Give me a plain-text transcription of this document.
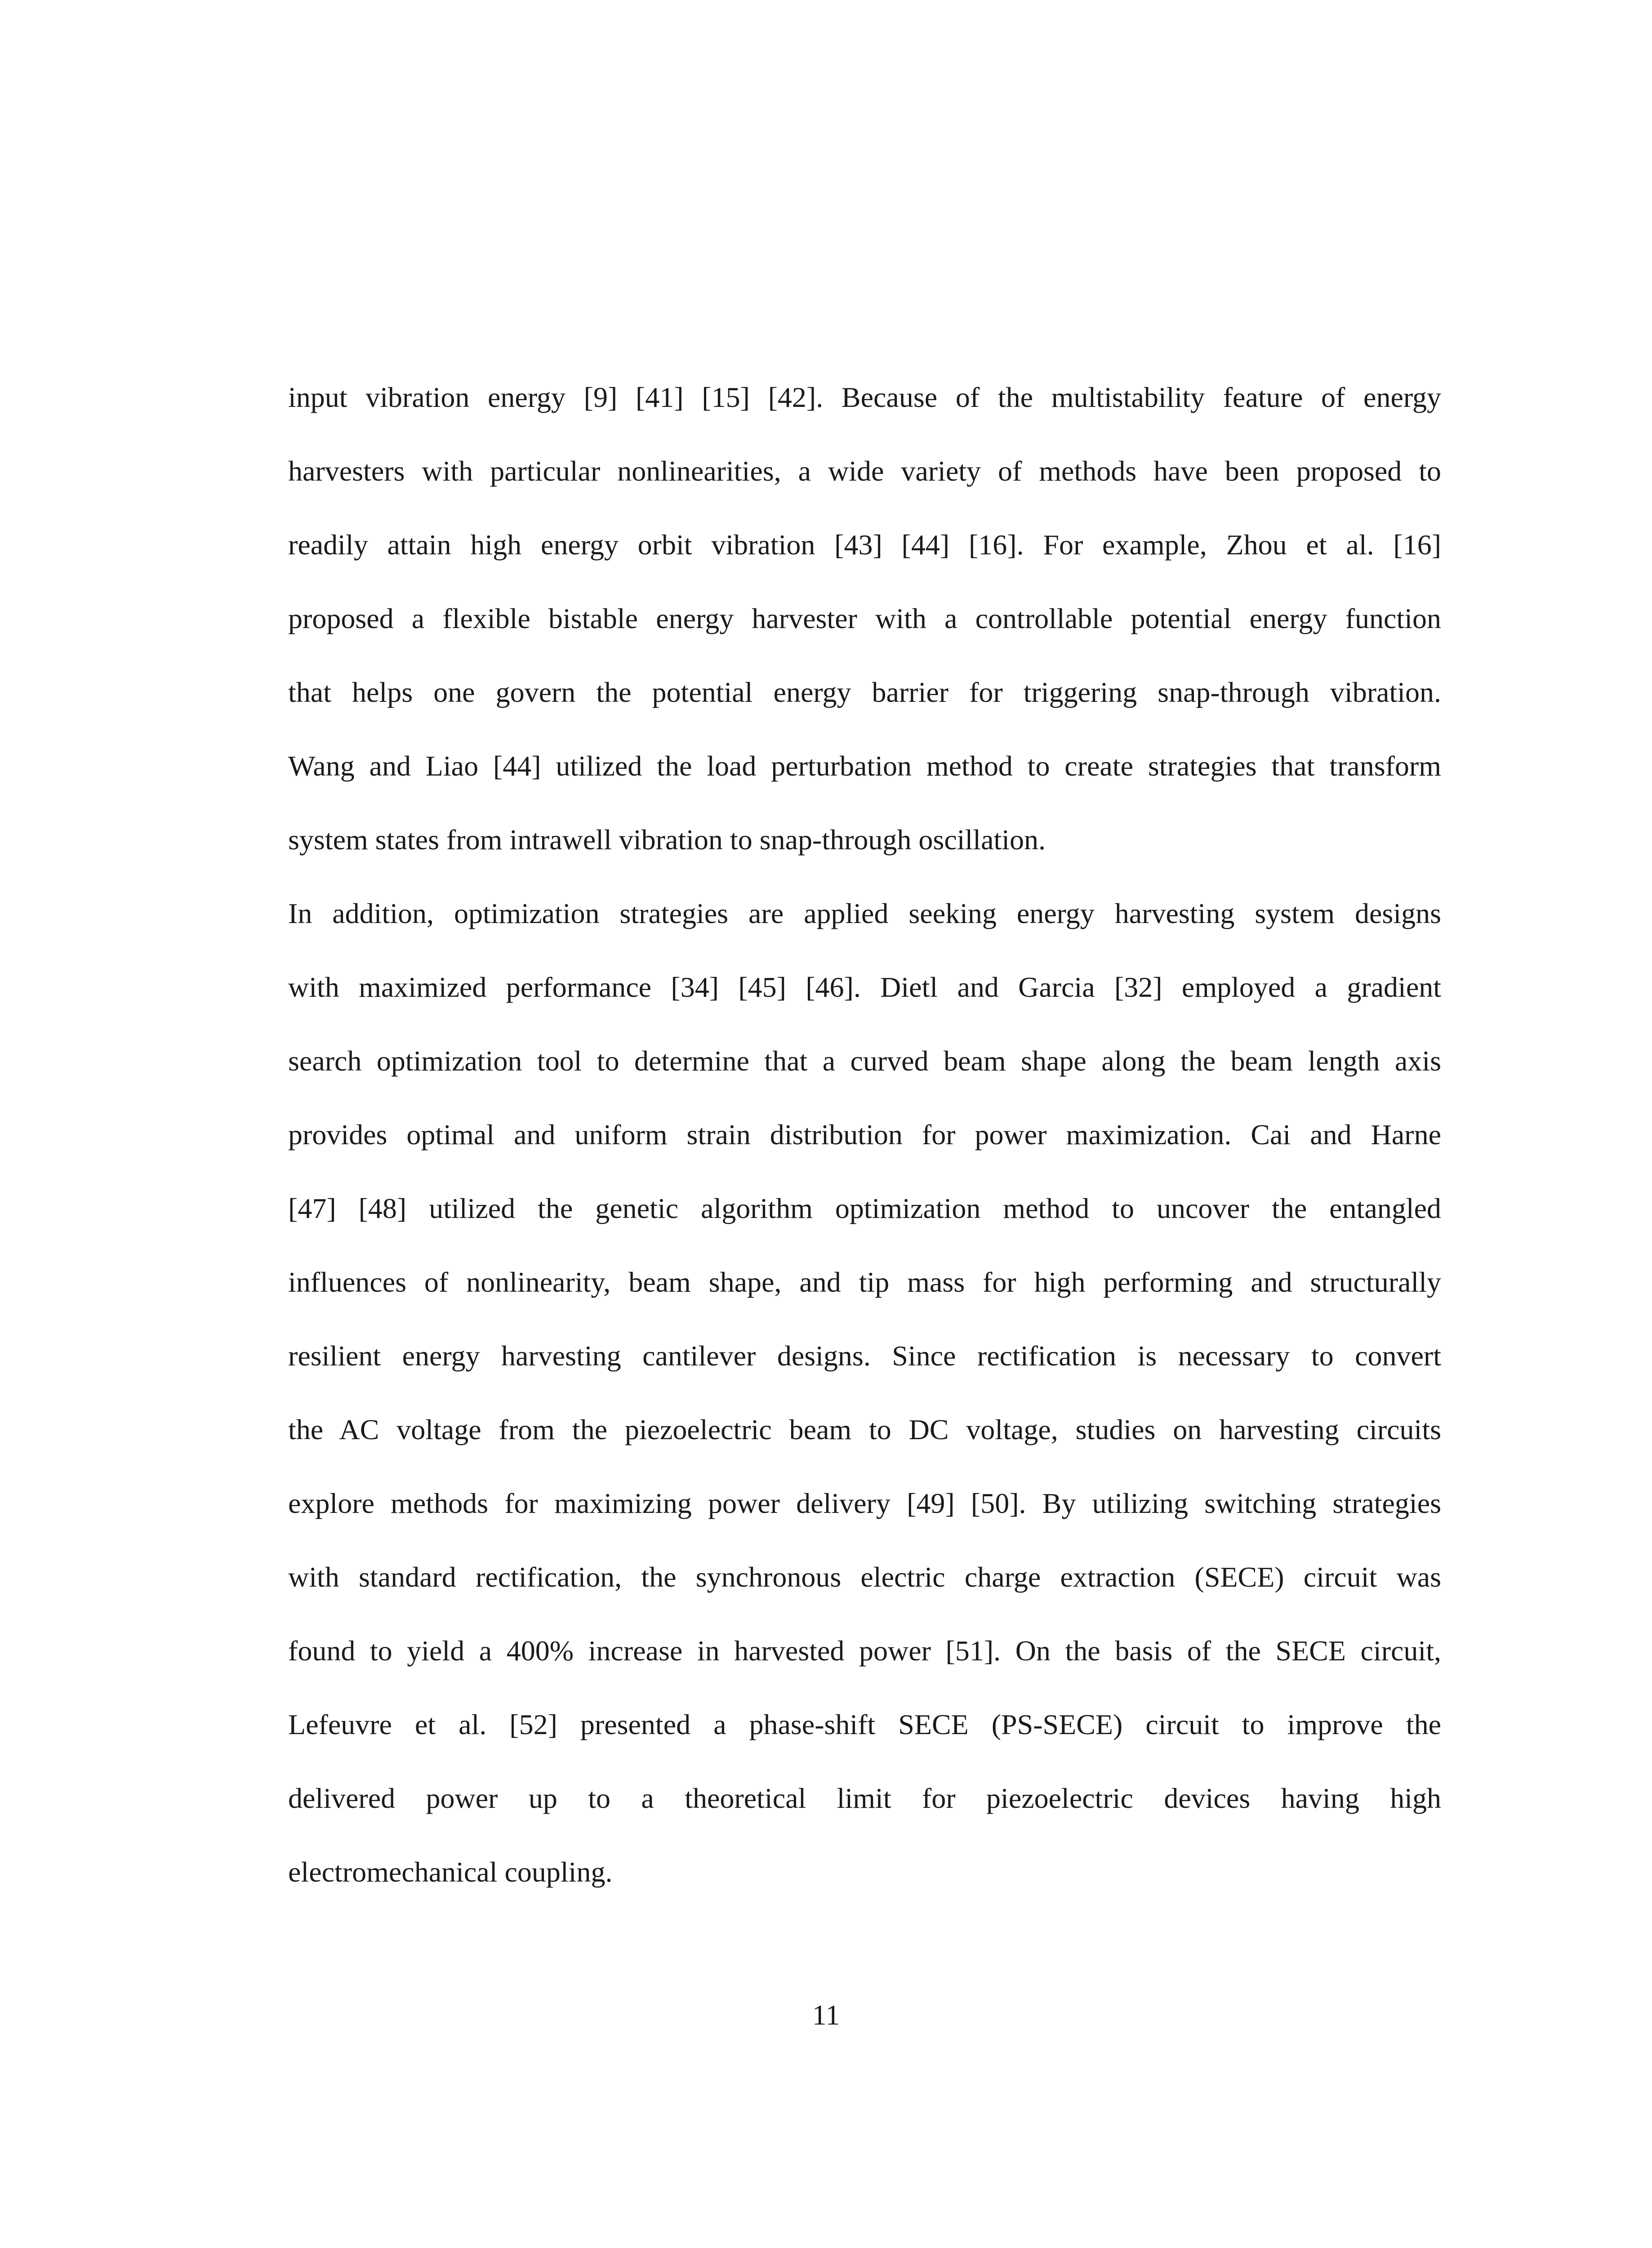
input vibration energy [9] [41] [15] [42]. Because of the multistability feature of energy
harvesters with particular nonlinearities, a wide variety of methods have been proposed to
readily attain high energy orbit vibration [43] [44] [16]. For example, Zhou et al. [16]
proposed a flexible bistable energy harvester with a controllable potential energy function
that helps one govern the potential energy barrier for triggering snap-through vibration.
Wang and Liao [44] utilized the load perturbation method to create strategies that transform
system states from intrawell vibration to snap-through oscillation.
In addition, optimization strategies are applied seeking energy harvesting system designs
with maximized performance [34] [45] [46]. Dietl and Garcia [32] employed a gradient
search optimization tool to determine that a curved beam shape along the beam length axis
provides optimal and uniform strain distribution for power maximization. Cai and Harne
[47] [48] utilized the genetic algorithm optimization method to uncover the entangled
influences of nonlinearity, beam shape, and tip mass for high performing and structurally
resilient energy harvesting cantilever designs. Since rectification is necessary to convert
the AC voltage from the piezoelectric beam to DC voltage, studies on harvesting circuits
explore methods for maximizing power delivery [49] [50]. By utilizing switching strategies
with standard rectification, the synchronous electric charge extraction (SECE) circuit was
found to yield a 400% increase in harvested power [51]. On the basis of the SECE circuit,
Lefeuvre et al. [52] presented a phase-shift SECE (PS-SECE) circuit to improve the
delivered power up to a theoretical limit for piezoelectric devices having high
electromechanical coupling.
11
